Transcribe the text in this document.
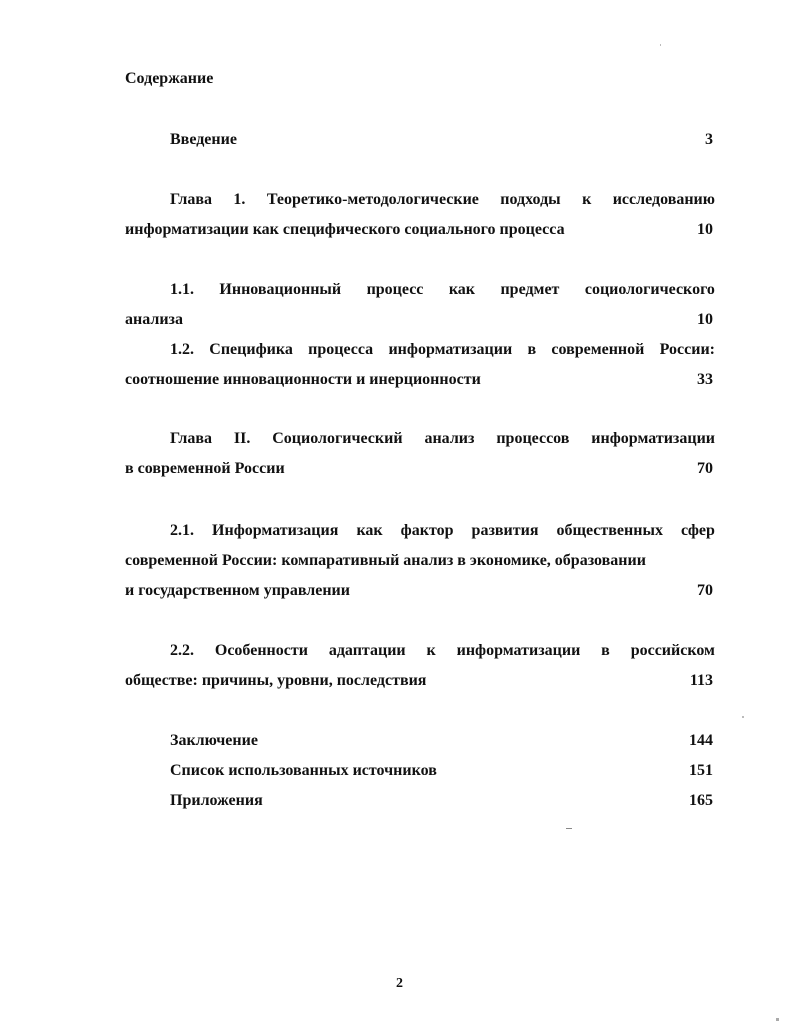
Содержание
Введение	3
Глава 1. Теоретико-методологические подходы к исследованию
информатизации как специфического социального процесса	10
1.1. Инновационный процесс как предмет социологического
анализа	10
1.2. Специфика процесса информатизации в современной России:
соотношение инновационности и инерционности	33
Глава II. Социологический анализ процессов информатизации
в современной России	70
2.1. Информатизация как фактор развития общественных сфер
современной России: компаративный анализ в экономике, образовании
и государственном управлении	70
2.2. Особенности адаптации к информатизации в российском
обществе: причины, уровни, последствия	113
Заключение	144
Список использованных источников	151
Приложения	165
2
